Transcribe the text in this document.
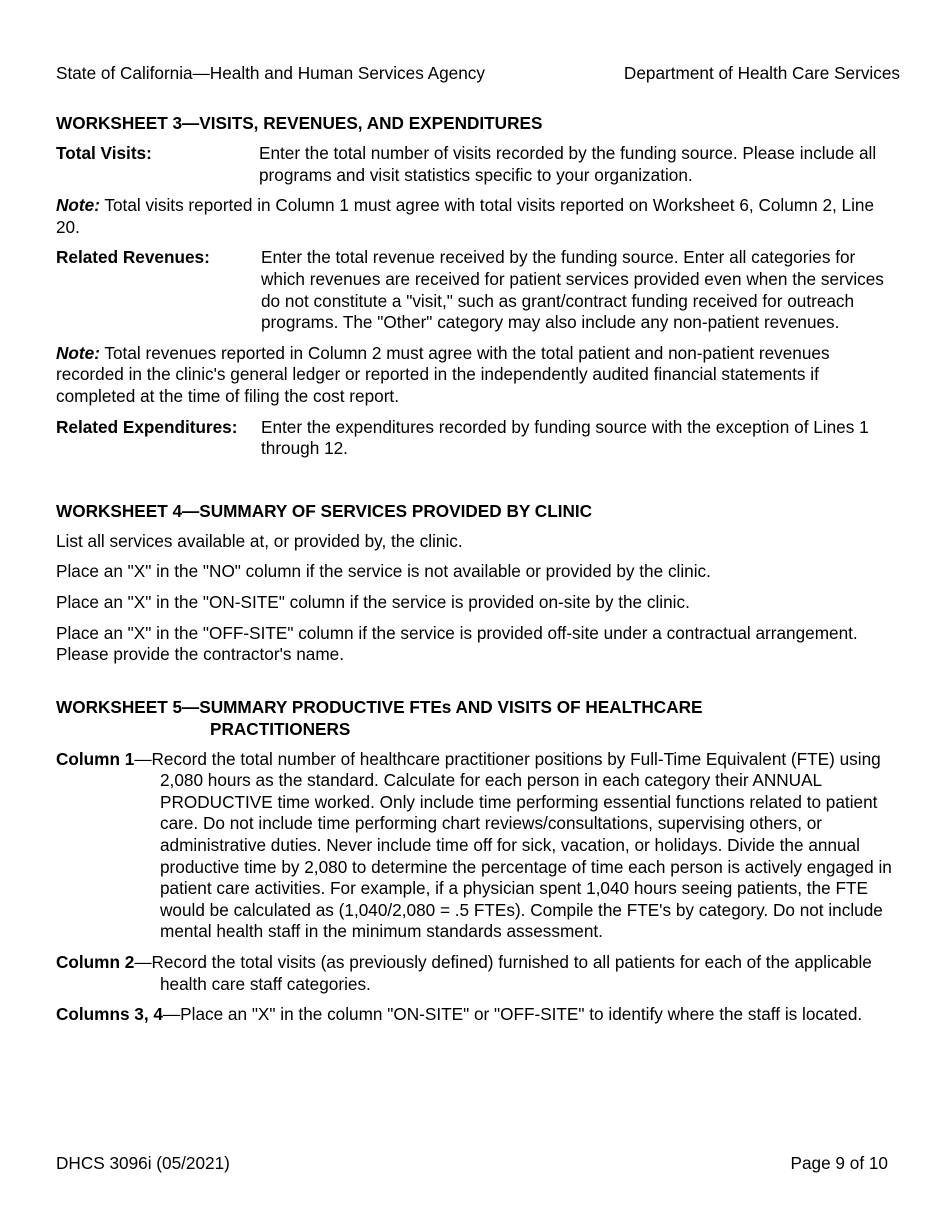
State of California—Health and Human Services Agency	Department of Health Care Services

WORKSHEET 3—VISITS, REVENUES, AND EXPENDITURES

Total Visits:	Enter the total number of visits recorded by the funding source. Please include all programs and visit statistics specific to your organization.

Note: Total visits reported in Column 1 must agree with total visits reported on Worksheet 6, Column 2, Line 20.

Related Revenues:	Enter the total revenue received by the funding source. Enter all categories for which revenues are received for patient services provided even when the services do not constitute a "visit," such as grant/contract funding received for outreach programs. The "Other" category may also include any non-patient revenues.

Note: Total revenues reported in Column 2 must agree with the total patient and non-patient revenues recorded in the clinic's general ledger or reported in the independently audited financial statements if completed at the time of filing the cost report.

Related Expenditures:	Enter the expenditures recorded by funding source with the exception of Lines 1 through 12.

WORKSHEET 4—SUMMARY OF SERVICES PROVIDED BY CLINIC

List all services available at, or provided by, the clinic.

Place an "X" in the "NO" column if the service is not available or provided by the clinic.

Place an "X" in the "ON-SITE" column if the service is provided on-site by the clinic.

Place an "X" in the "OFF-SITE" column if the service is provided off-site under a contractual arrangement. Please provide the contractor's name.

WORKSHEET 5—SUMMARY PRODUCTIVE FTEs AND VISITS OF HEALTHCARE
PRACTITIONERS

Column 1—Record the total number of healthcare practitioner positions by Full-Time Equivalent (FTE) using 2,080 hours as the standard. Calculate for each person in each category their ANNUAL PRODUCTIVE time worked. Only include time performing essential functions related to patient care. Do not include time performing chart reviews/consultations, supervising others, or administrative duties. Never include time off for sick, vacation, or holidays. Divide the annual productive time by 2,080 to determine the percentage of time each person is actively engaged in patient care activities. For example, if a physician spent 1,040 hours seeing patients, the FTE would be calculated as (1,040/2,080 = .5 FTEs). Compile the FTE's by category. Do not include mental health staff in the minimum standards assessment.

Column 2—Record the total visits (as previously defined) furnished to all patients for each of the applicable health care staff categories.

Columns 3, 4—Place an "X" in the column "ON-SITE" or "OFF-SITE" to identify where the staff is located.

DHCS 3096i (05/2021)	Page 9 of 10
